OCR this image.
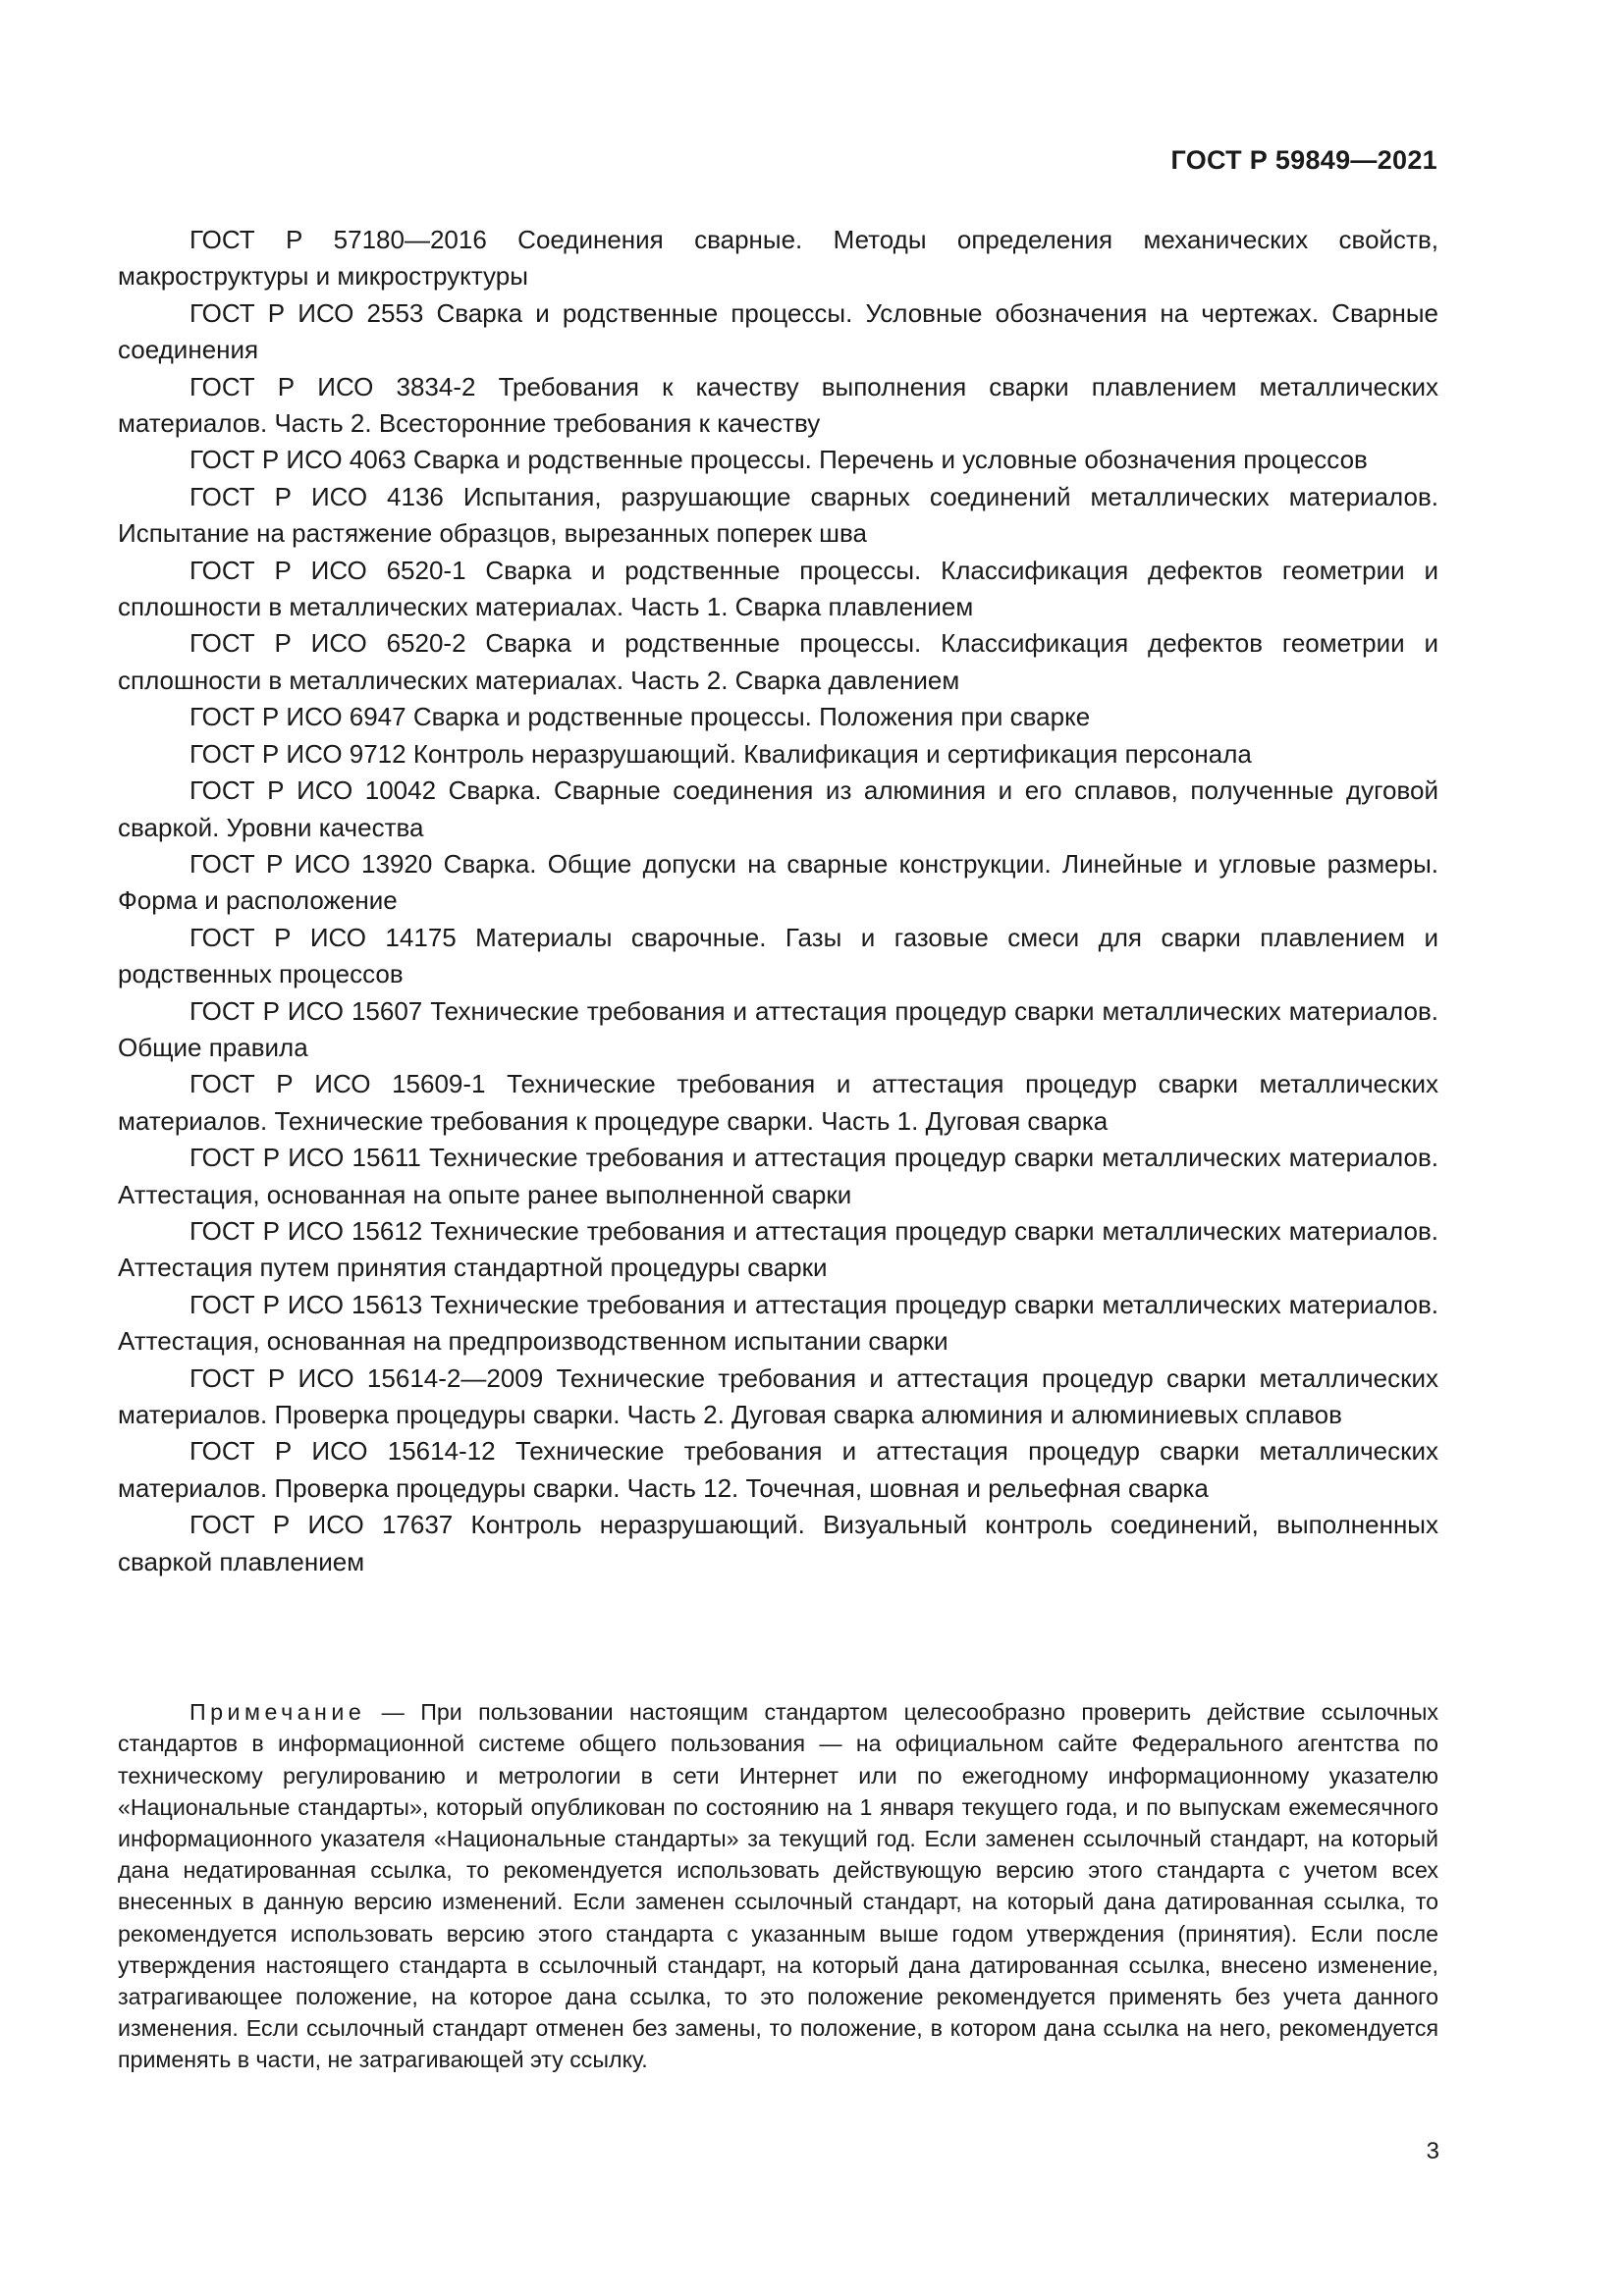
ГОСТ Р 59849—2021

ГОСТ Р 57180—2016 Соединения сварные. Методы определения механических свойств, макроструктуры и микроструктуры

ГОСТ Р ИСО 2553 Сварка и родственные процессы. Условные обозначения на чертежах. Сварные соединения

ГОСТ Р ИСО 3834-2 Требования к качеству выполнения сварки плавлением металлических материалов. Часть 2. Всесторонние требования к качеству

ГОСТ Р ИСО 4063 Сварка и родственные процессы. Перечень и условные обозначения процессов

ГОСТ Р ИСО 4136 Испытания, разрушающие сварных соединений металлических материалов. Испытание на растяжение образцов, вырезанных поперек шва

ГОСТ Р ИСО 6520-1 Сварка и родственные процессы. Классификация дефектов геометрии и сплошности в металлических материалах. Часть 1. Сварка плавлением

ГОСТ Р ИСО 6520-2 Сварка и родственные процессы. Классификация дефектов геометрии и сплошности в металлических материалах. Часть 2. Сварка давлением

ГОСТ Р ИСО 6947 Сварка и родственные процессы. Положения при сварке

ГОСТ Р ИСО 9712 Контроль неразрушающий. Квалификация и сертификация персонала

ГОСТ Р ИСО 10042 Сварка. Сварные соединения из алюминия и его сплавов, полученные дуговой сваркой. Уровни качества

ГОСТ Р ИСО 13920 Сварка. Общие допуски на сварные конструкции. Линейные и угловые размеры. Форма и расположение

ГОСТ Р ИСО 14175 Материалы сварочные. Газы и газовые смеси для сварки плавлением и родственных процессов

ГОСТ Р ИСО 15607 Технические требования и аттестация процедур сварки металлических материалов. Общие правила

ГОСТ Р ИСО 15609-1 Технические требования и аттестация процедур сварки металлических материалов. Технические требования к процедуре сварки. Часть 1. Дуговая сварка

ГОСТ Р ИСО 15611 Технические требования и аттестация процедур сварки металлических материалов. Аттестация, основанная на опыте ранее выполненной сварки

ГОСТ Р ИСО 15612 Технические требования и аттестация процедур сварки металлических материалов. Аттестация путем принятия стандартной процедуры сварки

ГОСТ Р ИСО 15613 Технические требования и аттестация процедур сварки металлических материалов. Аттестация, основанная на предпроизводственном испытании сварки

ГОСТ Р ИСО 15614-2—2009 Технические требования и аттестация процедур сварки металлических материалов. Проверка процедуры сварки. Часть 2. Дуговая сварка алюминия и алюминиевых сплавов

ГОСТ Р ИСО 15614-12 Технические требования и аттестация процедур сварки металлических материалов. Проверка процедуры сварки. Часть 12. Точечная, шовная и рельефная сварка

ГОСТ Р ИСО 17637 Контроль неразрушающий. Визуальный контроль соединений, выполненных сваркой плавлением

Примечание — При пользовании настоящим стандартом целесообразно проверить действие ссылочных стандартов в информационной системе общего пользования — на официальном сайте Федерального агентства по техническому регулированию и метрологии в сети Интернет или по ежегодному информационному указателю «Национальные стандарты», который опубликован по состоянию на 1 января текущего года, и по выпускам ежемесячного информационного указателя «Национальные стандарты» за текущий год. Если заменен ссылочный стандарт, на который дана недатированная ссылка, то рекомендуется использовать действующую версию этого стандарта с учетом всех внесенных в данную версию изменений. Если заменен ссылочный стандарт, на который дана датированная ссылка, то рекомендуется использовать версию этого стандарта с указанным выше годом утверждения (принятия). Если после утверждения настоящего стандарта в ссылочный стандарт, на который дана датированная ссылка, внесено изменение, затрагивающее положение, на которое дана ссылка, то это положение рекомендуется применять без учета данного изменения. Если ссылочный стандарт отменен без замены, то положение, в котором дана ссылка на него, рекомендуется применять в части, не затрагивающей эту ссылку.

3
